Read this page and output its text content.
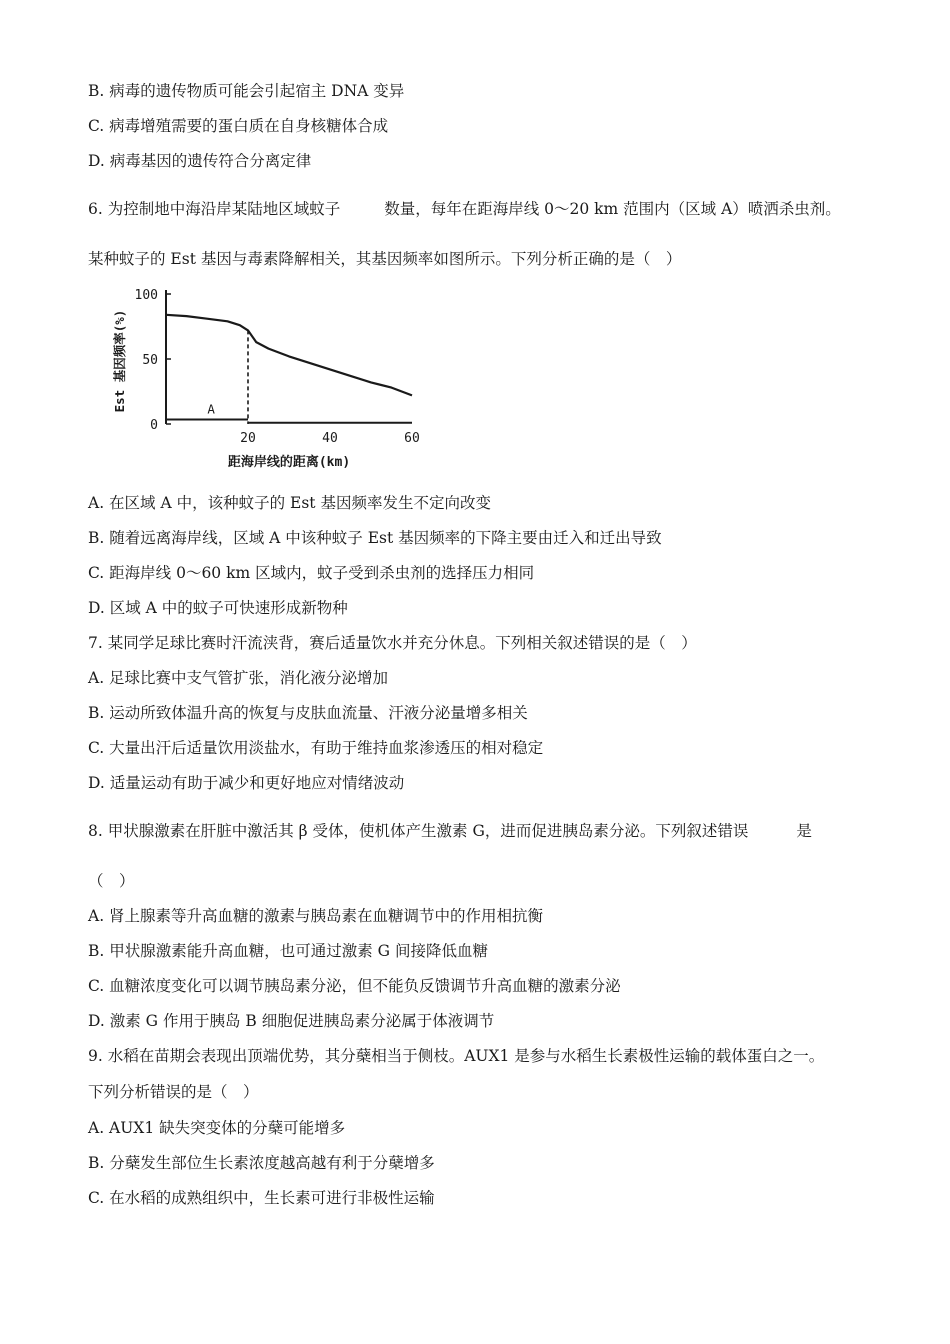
B. 病毒的遗传物质可能会引起宿主 DNA 变异
C. 病毒增殖需要的蛋白质在自身核糖体合成
D. 病毒基因的遗传符合分离定律
6. 为控制地中海沿岸某陆地区域蚊子	数量，每年在距海岸线 0～20 km 范围内（区域 A）喷洒杀虫剂。
某种蚊子的 Est 基因与毒素降解相关，其基因频率如图所示。下列分析正确的是（　）
0
50
100
20	40	60
距海岸线的距离(km)
Est 基因频率(%)	A
A. 在区域 A 中，该种蚊子的 Est 基因频率发生不定向改变
B. 随着远离海岸线，区域 A 中该种蚊子 Est 基因频率的下降主要由迁入和迁出导致
C. 距海岸线 0～60 km 区域内，蚊子受到杀虫剂的选择压力相同
D. 区域 A 中的蚊子可快速形成新物种
7. 某同学足球比赛时汗流浃背，赛后适量饮水并充分休息。下列相关叙述错误的是（　）
A. 足球比赛中支气管扩张，消化液分泌增加
B. 运动所致体温升高的恢复与皮肤血流量、汗液分泌量增多相关
C. 大量出汗后适量饮用淡盐水，有助于维持血浆渗透压的相对稳定
D. 适量运动有助于减少和更好地应对情绪波动
8. 甲状腺激素在肝脏中激活其 β 受体，使机体产生激素 G，进而促进胰岛素分泌。下列叙述错误	是
（　）
A. 肾上腺素等升高血糖的激素与胰岛素在血糖调节中的作用相抗衡
B. 甲状腺激素能升高血糖，也可通过激素 G 间接降低血糖
C. 血糖浓度变化可以调节胰岛素分泌，但不能负反馈调节升高血糖的激素分泌
D. 激素 G 作用于胰岛 B 细胞促进胰岛素分泌属于体液调节
9. 水稻在苗期会表现出顶端优势，其分蘖相当于侧枝。AUX1 是参与水稻生长素极性运输的载体蛋白之一。
下列分析错误的是（　）
A. AUX1 缺失突变体的分蘖可能增多
B. 分蘖发生部位生长素浓度越高越有利于分蘖增多
C. 在水稻的成熟组织中，生长素可进行非极性运输
